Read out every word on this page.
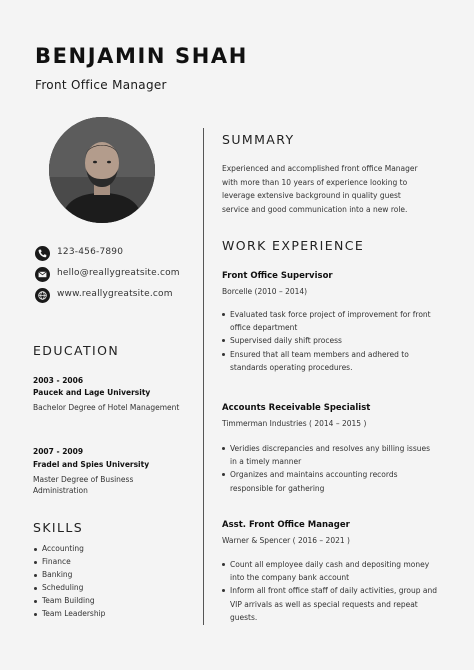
BENJAMIN SHAH
Front Office Manager
123-456-7890
hello@reallygreatsite.com
www.reallygreatsite.com
EDUCATION
2003 - 2006
Paucek and Lage University
Bachelor Degree of Hotel Management
2007 - 2009
Fradel and Spies University
Master Degree of Business Administration
SKILLS
Accounting
Finance
Banking
Scheduling
Team Building
Team Leadership
SUMMARY
Experienced and accomplished front office Manager with more than 10 years of experience looking to leverage extensive background in quality guest service and good communication into a new role.
WORK EXPERIENCE
Front Office Supervisor
Borcelle (2010 – 2014)
Evaluated task force project of improvement for front office department
Supervised daily shift process
Ensured that all team members and adhered to standards operating procedures.
Accounts Receivable Specialist
Timmerman Industries ( 2014 – 2015 )
Veridies discrepancies and resolves any billing issues in a timely manner
Organizes and maintains accounting records responsible for gathering
Asst. Front Office Manager
Warner & Spencer ( 2016 – 2021 )
Count all employee daily cash and depositing money into the company bank account
Inform all front office staff of daily activities, group and VIP arrivals as well as special requests and repeat guests.
